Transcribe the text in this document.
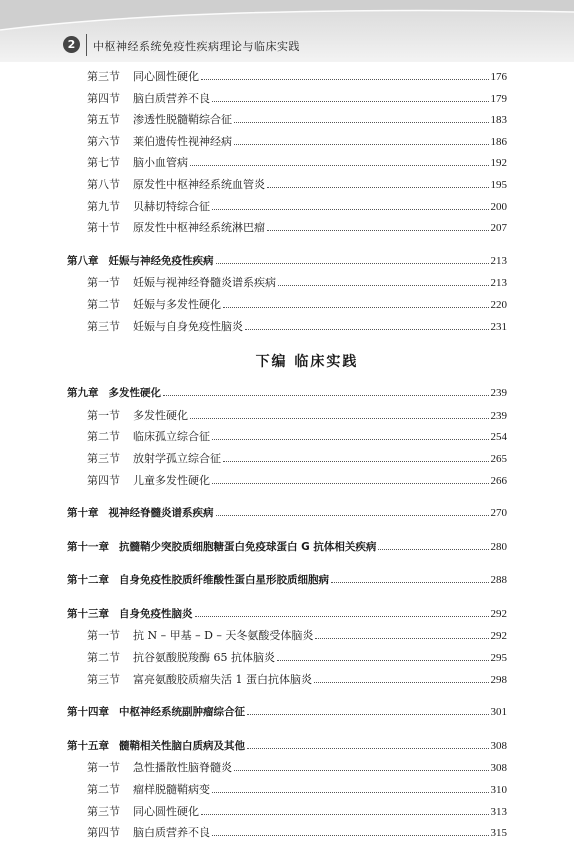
2	中枢神经系统免疫性疾病理论与临床实践
第三节 同心圆性硬化	176
第四节 脑白质营养不良	179
第五节 渗透性脱髓鞘综合征	183
第六节 莱伯遗传性视神经病	186
第七节 脑小血管病	192
第八节 原发性中枢神经系统血管炎	195
第九节 贝赫切特综合征	200
第十节 原发性中枢神经系统淋巴瘤	207
第八章 妊娠与神经免疫性疾病	213
第一节 妊娠与视神经脊髓炎谱系疾病	213
第二节 妊娠与多发性硬化	220
第三节 妊娠与自身免疫性脑炎	231
下编 临床实践
第九章 多发性硬化	239
第一节 多发性硬化	239
第二节 临床孤立综合征	254
第三节 放射学孤立综合征	265
第四节 儿童多发性硬化	266
第十章 视神经脊髓炎谱系疾病	270
第十一章 抗髓鞘少突胶质细胞糖蛋白免疫球蛋白 G 抗体相关疾病	280
第十二章 自身免疫性胶质纤维酸性蛋白星形胶质细胞病	288
第十三章 自身免疫性脑炎	292
第一节 抗 N – 甲基 – D – 天冬氨酸受体脑炎	292
第二节 抗谷氨酸脱羧酶 65 抗体脑炎	295
第三节 富亮氨酸胶质瘤失活 1 蛋白抗体脑炎	298
第十四章 中枢神经系统副肿瘤综合征	301
第十五章 髓鞘相关性脑白质病及其他	308
第一节 急性播散性脑脊髓炎	308
第二节 瘤样脱髓鞘病变	310
第三节 同心圆性硬化	313
第四节 脑白质营养不良	315
